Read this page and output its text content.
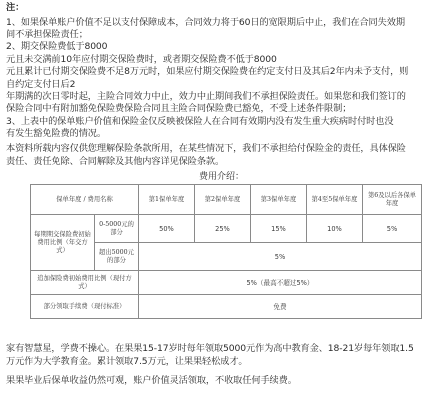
注：
1、如果保单账户价值不足以支付保障成本，合同效力将于60日的宽限期后中止，我们在合同失效期
间不承担保险责任；
2、期交保险费低于8000
元且未交满前10年应付期交保险费时，或者期交保险费不低于8000
元且累计已付期交保险费不足8万元时，如果应付期交保险费在约定支付日及其后2年内未予支付，则
自约定支付日后2
年期满的次日零时起，主险合同效力中止，效力中止期间我们不承担保险责任。如果您和我们签订的
保险合同中有附加豁免保险费保险合同且主险合同保险费已豁免，不受上述条件限制；
3、上表中的保单账户价值和保险金仅反映被保险人在合同有效期内没有发生重大疾病时付时也没
有发生豁免险费的情况。
本资料所载内容仅供您理解保险条款所用，在某些情况下，我们不承担给付保险金的责任，具体保险
责任、责任免除、合同解除及其他内容详见保险条款。
费用介绍：
保单年度 / 费用名称		第1保单年度	第2保单年度	第3保单年度	第4至5保单年度	第6及以后各保单年度
每期期交保险费初始费用比例（年交方式）	0-5000元的部分	50%	25%	15%	10%	5%
	超出5000元的部分	5%				
追加保险费初始费用比例（现付方式）		5%（最高不超过5%）				
部分领取手续费（现付标准）		免费				
家有智慧星，学费不操心。在果果15-17岁时每年领取5000元作为高中教育金、18-21岁每年领取1.5
万元作为大学教育金。累计领取7.5万元，让果果轻松成才。
果果毕业后保单收益仍然可观，账户价值灵活领取，不收取任何手续费。
